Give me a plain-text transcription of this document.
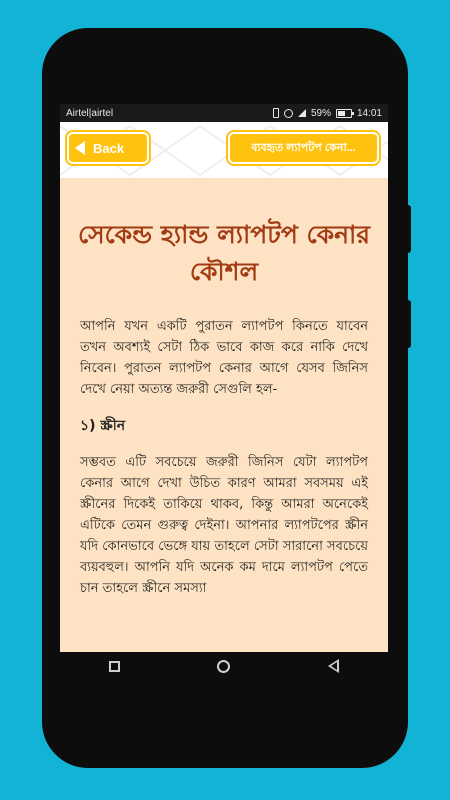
Airtel|airtel	59%	14:01
Back	ব্যবহৃত ল্যাপটপ কেনা...
সেকেন্ড হ্যান্ড ল্যাপটপ কেনার কৌশল
আপনি যখন একটি পুরাতন ল্যাপটপ কিনতে যাবেন তখন অবশ্যই সেটা ঠিক ভাবে কাজ করে নাকি দেখে নিবেন। পুরাতন ল্যাপটপ কেনার আগে যেসব জিনিস দেখে নেয়া অত্যন্ত জরুরী সেগুলি হল-
১) স্ক্রীন
সম্ভবত এটি সবচেয়ে জরুরী জিনিস যেটা ল্যাপটপ কেনার আগে দেখা উচিত কারণ আমরা সবসময় এই স্ক্রীনের দিকেই তাকিয়ে থাকব, কিন্তু আমরা অনেকেই এটিকে তেমন গুরুত্ব দেইনা। আপনার ল্যাপটপের স্ক্রীন যদি কোনভাবে ভেঙ্গে যায় তাহলে সেটা সারানো সবচেয়ে ব্যয়বহুল। আপনি যদি অনেক কম দামে ল্যাপটপ পেতে চান তাহলে স্ক্রীনে সমস্যা
